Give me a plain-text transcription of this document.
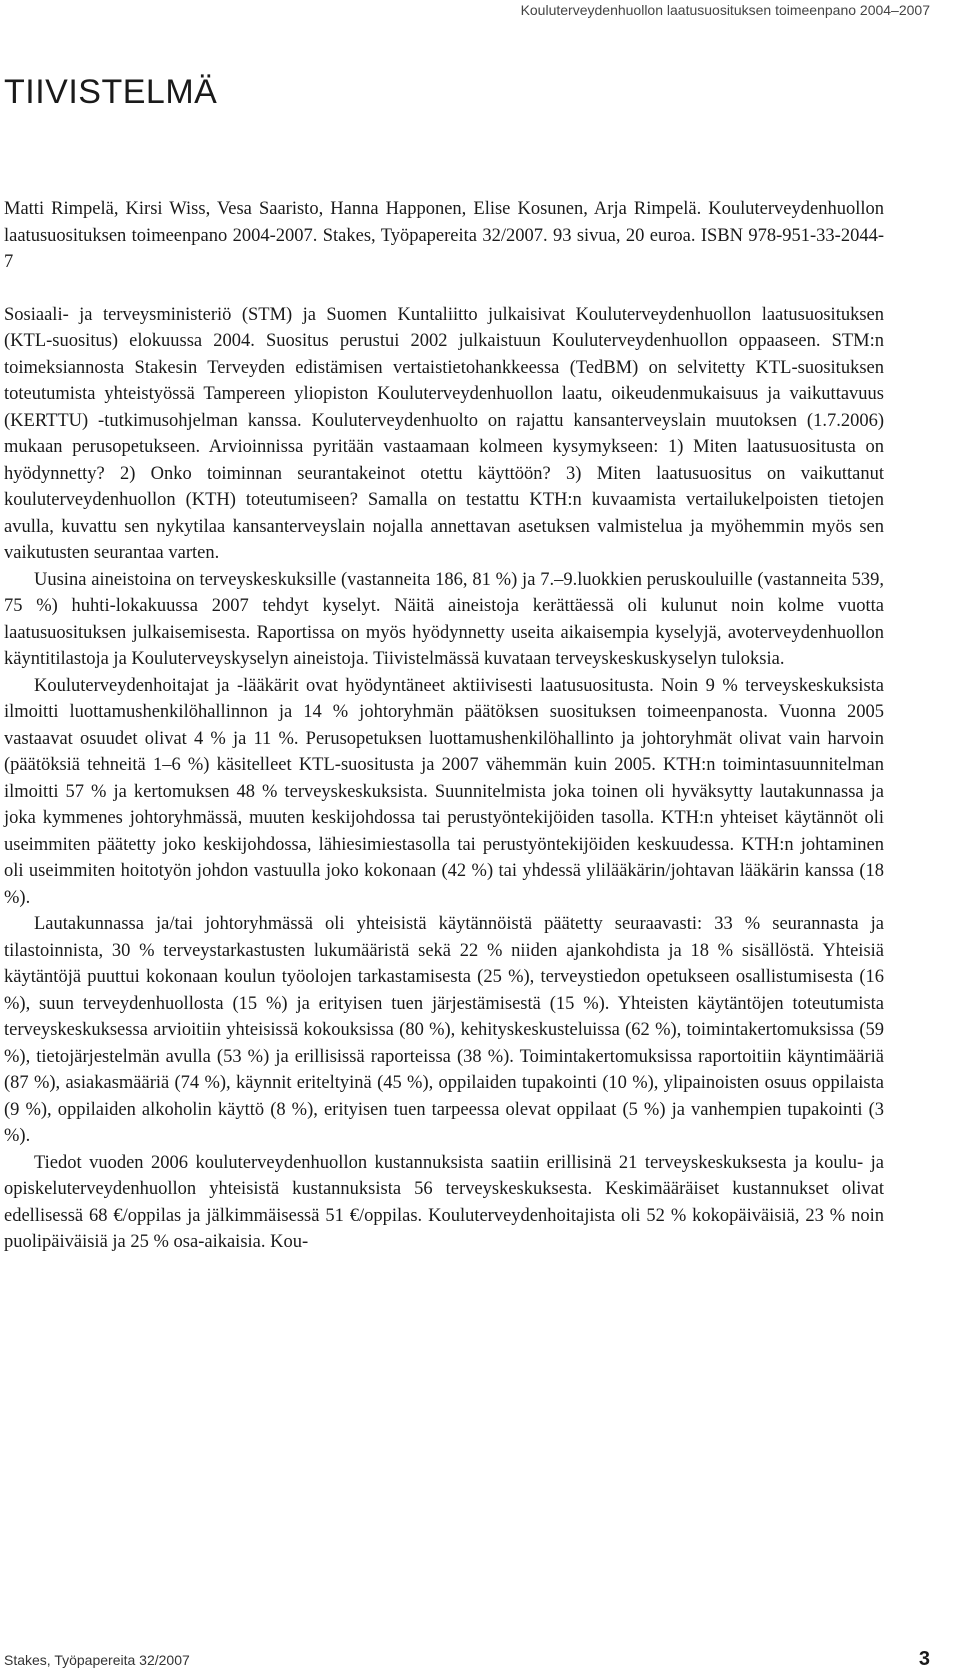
Kouluterveydenhuollon laatusuosituksen toimeenpano 2004–2007
TIIVISTELMÄ

Matti Rimpelä, Kirsi Wiss, Vesa Saaristo, Hanna Happonen, Elise Kosunen, Arja Rimpelä. Kouluterveydenhuollon laatusuosituksen toimeenpano 2004-2007. Stakes, Työpapereita 32/2007. 93 sivua, 20 euroa. ISBN 978-951-33-2044-7

Sosiaali- ja terveysministeriö (STM) ja Suomen Kuntaliitto julkaisivat Kouluterveydenhuollon laatusuosituksen (KTL-suositus) elokuussa 2004. Suositus perustui 2002 julkaistuun Kouluterveydenhuollon oppaaseen. STM:n toimeksiannosta Stakesin Terveyden edistämisen vertaistietohankkeessa (TedBM) on selvitetty KTL-suosituksen toteutumista yhteistyössä Tampereen yliopiston Kouluterveydenhuollon laatu, oikeudenmukaisuus ja vaikuttavuus (KERTTU) -tutkimusohjelman kanssa. Kouluterveydenhuolto on rajattu kansanterveyslain muutoksen (1.7.2006) mukaan perusopetukseen. Arvioinnissa pyritään vastaamaan kolmeen kysymykseen: 1) Miten laatusuositusta on hyödynnetty? 2) Onko toiminnan seurantakeinot otettu käyttöön? 3) Miten laatusuositus on vaikuttanut kouluterveydenhuollon (KTH) toteutumiseen? Samalla on testattu KTH:n kuvaamista vertailukelpoisten tietojen avulla, kuvattu sen nykytilaa kansanterveyslain nojalla annettavan asetuksen valmistelua ja myöhemmin myös sen vaikutusten seurantaa varten.

Uusina aineistoina on terveyskeskuksille (vastanneita 186, 81 %) ja 7.–9.luokkien peruskouluille (vastanneita 539, 75 %) huhti-lokakuussa 2007 tehdyt kyselyt. Näitä aineistoja kerättäessä oli kulunut noin kolme vuotta laatusuosituksen julkaisemisesta. Raportissa on myös hyödynnetty useita aikaisempia kyselyjä, avoterveydenhuollon käyntitilastoja ja Kouluterveyskyselyn aineistoja. Tiivistelmässä kuvataan terveyskeskuskyselyn tuloksia.

Kouluterveydenhoitajat ja -lääkärit ovat hyödyntäneet aktiivisesti laatusuositusta. Noin 9 % terveyskeskuksista ilmoitti luottamushenkilöhallinnon ja 14 % johtoryhmän päätöksen suosituksen toimeenpanosta. Vuonna 2005 vastaavat osuudet olivat 4 % ja 11 %. Perusopetuksen luottamushenkilöhallinto ja johtoryhmät olivat vain harvoin (päätöksiä tehneitä 1–6 %) käsitelleet KTL-suositusta ja 2007 vähemmän kuin 2005. KTH:n toimintasuunnitelman ilmoitti 57 % ja kertomuksen 48 % terveyskeskuksista. Suunnitelmista joka toinen oli hyväksytty lautakunnassa ja joka kymmenes johtoryhmässä, muuten keskijohdossa tai perustyöntekijöiden tasolla. KTH:n yhteiset käytännöt oli useimmiten päätetty joko keskijohdossa, lähiesimiestasolla tai perustyöntekijöiden keskuudessa. KTH:n johtaminen oli useimmiten hoitotyön johdon vastuulla joko kokonaan (42 %) tai yhdessä ylilääkärin/johtavan lääkärin kanssa (18 %).

Lautakunnassa ja/tai johtoryhmässä oli yhteisistä käytännöistä päätetty seuraavasti: 33 % seurannasta ja tilastoinnista, 30 % terveystarkastusten lukumääristä sekä 22 % niiden ajankohdista ja 18 % sisällöstä. Yhteisiä käytäntöjä puuttui kokonaan koulun työolojen tarkastamisesta (25 %), terveystiedon opetukseen osallistumisesta (16 %), suun terveydenhuollosta (15 %) ja erityisen tuen järjestämisestä (15 %). Yhteisten käytäntöjen toteutumista terveyskeskuksessa arvioitiin yhteisissä kokouksissa (80 %), kehityskeskusteluissa (62 %), toimintakertomuksissa (59 %), tietojärjestelmän avulla (53 %) ja erillisissä raporteissa (38 %). Toimintakertomuksissa raportoitiin käyntimääriä (87 %), asiakasmääriä (74 %), käynnit eriteltyinä (45 %), oppilaiden tupakointi (10 %), ylipainoisten osuus oppilaista (9 %), oppilaiden alkoholin käyttö (8 %), erityisen tuen tarpeessa olevat oppilaat (5 %) ja vanhempien tupakointi (3 %).

Tiedot vuoden 2006 kouluterveydenhuollon kustannuksista saatiin erillisinä 21 terveyskeskuksesta ja koulu- ja opiskeluterveydenhuollon yhteisistä kustannuksista 56 terveyskeskuksesta. Keskimääräiset kustannukset olivat edellisessä 68 €/oppilas ja jälkimmäisessä 51 €/oppilas. Kouluterveydenhoitajista oli 52 % kokopäiväisiä, 23 % noin puolipäiväisiä ja 25 % osa-aikaisia. Kou-

Stakes, Työpapereita 32/2007	3
